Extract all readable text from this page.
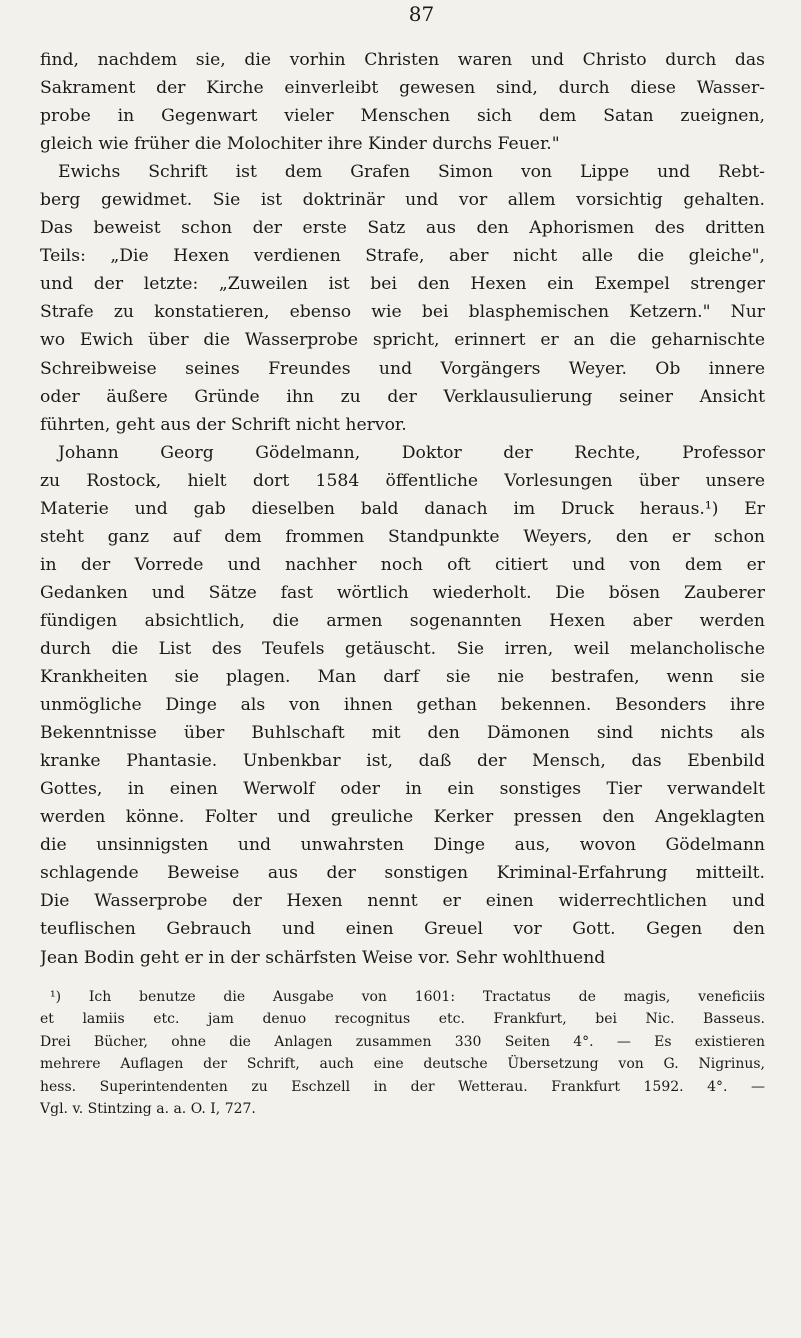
87
find, nachdem sie, die vorhin Christen waren und Christo durch das
Sakrament der Kirche einverleibt gewesen sind, durch diese Wasser-
probe in Gegenwart vieler Menschen sich dem Satan zueignen,
gleich wie früher die Molochiter ihre Kinder durchs Feuer."
Ewichs Schrift ist dem Grafen Simon von Lippe und Rebt-
berg gewidmet. Sie ist doktrinär und vor allem vorsichtig gehalten.
Das beweist schon der erste Satz aus den Aphorismen des dritten
Teils: „Die Hexen verdienen Strafe, aber nicht alle die gleiche",
und der letzte: „Zuweilen ist bei den Hexen ein Exempel strenger
Strafe zu konstatieren, ebenso wie bei blasphemischen Ketzern." Nur
wo Ewich über die Wasserprobe spricht, erinnert er an die geharnischte
Schreibweise seines Freundes und Vorgängers Weyer. Ob innere
oder äußere Gründe ihn zu der Verklausulierung seiner Ansicht
führten, geht aus der Schrift nicht hervor.
Johann Georg Gödelmann, Doktor der Rechte, Professor
zu Rostock, hielt dort 1584 öffentliche Vorlesungen über unsere
Materie und gab dieselben bald danach im Druck heraus.¹) Er
steht ganz auf dem frommen Standpunkte Weyers, den er schon
in der Vorrede und nachher noch oft citiert und von dem er
Gedanken und Sätze fast wörtlich wiederholt. Die bösen Zauberer
fündigen absichtlich, die armen sogenannten Hexen aber werden
durch die List des Teufels getäuscht. Sie irren, weil melancholische
Krankheiten sie plagen. Man darf sie nie bestrafen, wenn sie
unmögliche Dinge als von ihnen gethan bekennen. Besonders ihre
Bekenntnisse über Buhlschaft mit den Dämonen sind nichts als
kranke Phantasie. Unbenkbar ist, daß der Mensch, das Ebenbild
Gottes, in einen Werwolf oder in ein sonstiges Tier verwandelt
werden könne. Folter und greuliche Kerker pressen den Angeklagten
die unsinnigsten und unwahrsten Dinge aus, wovon Gödelmann
schlagende Beweise aus der sonstigen Kriminal-Erfahrung mitteilt.
Die Wasserprobe der Hexen nennt er einen widerrechtlichen und
teuflischen Gebrauch und einen Greuel vor Gott. Gegen den
Jean Bodin geht er in der schärfsten Weise vor. Sehr wohlthuend
¹) Ich benutze die Ausgabe von 1601: Tractatus de magis, veneficiis
et lamiis etc. jam denuo recognitus etc. Frankfurt, bei Nic. Basseus.
Drei Bücher, ohne die Anlagen zusammen 330 Seiten 4°. — Es existieren
mehrere Auflagen der Schrift, auch eine deutsche Übersetzung von G. Nigrinus,
hess. Superintendenten zu Eschzell in der Wetterau. Frankfurt 1592. 4°. —
Vgl. v. Stintzing a. a. O. I, 727.
